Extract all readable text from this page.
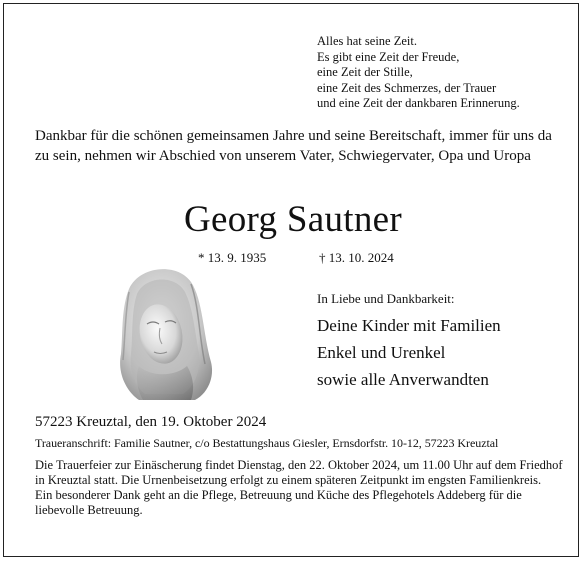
Alles hat seine Zeit.
Es gibt eine Zeit der Freude,
eine Zeit der Stille,
eine Zeit des Schmerzes, der Trauer
und eine Zeit der dankbaren Erinnerung.
Dankbar für die schönen gemeinsamen Jahre und seine Bereitschaft, immer für uns da zu sein, nehmen wir Abschied von unserem Vater, Schwiegervater, Opa und Uropa
Georg Sautner
* 13. 9. 1935	† 13. 10. 2024
In Liebe und Dankbarkeit:
Deine Kinder mit Familien
Enkel und Urenkel
sowie alle Anverwandten
57223 Kreuztal, den 19. Oktober 2024
Traueranschrift: Familie Sautner, c/o Bestattungshaus Giesler, Ernsdorfstr. 10-12, 57223 Kreuztal
Die Trauerfeier zur Einäscherung findet Dienstag, den 22. Oktober 2024, um 11.00 Uhr auf dem Friedhof in Kreuztal statt. Die Urnenbeisetzung erfolgt zu einem späteren Zeitpunkt im engsten Familienkreis.
Ein besonderer Dank geht an die Pflege, Betreuung und Küche des Pflegehotels Addeberg für die liebevolle Betreuung.
